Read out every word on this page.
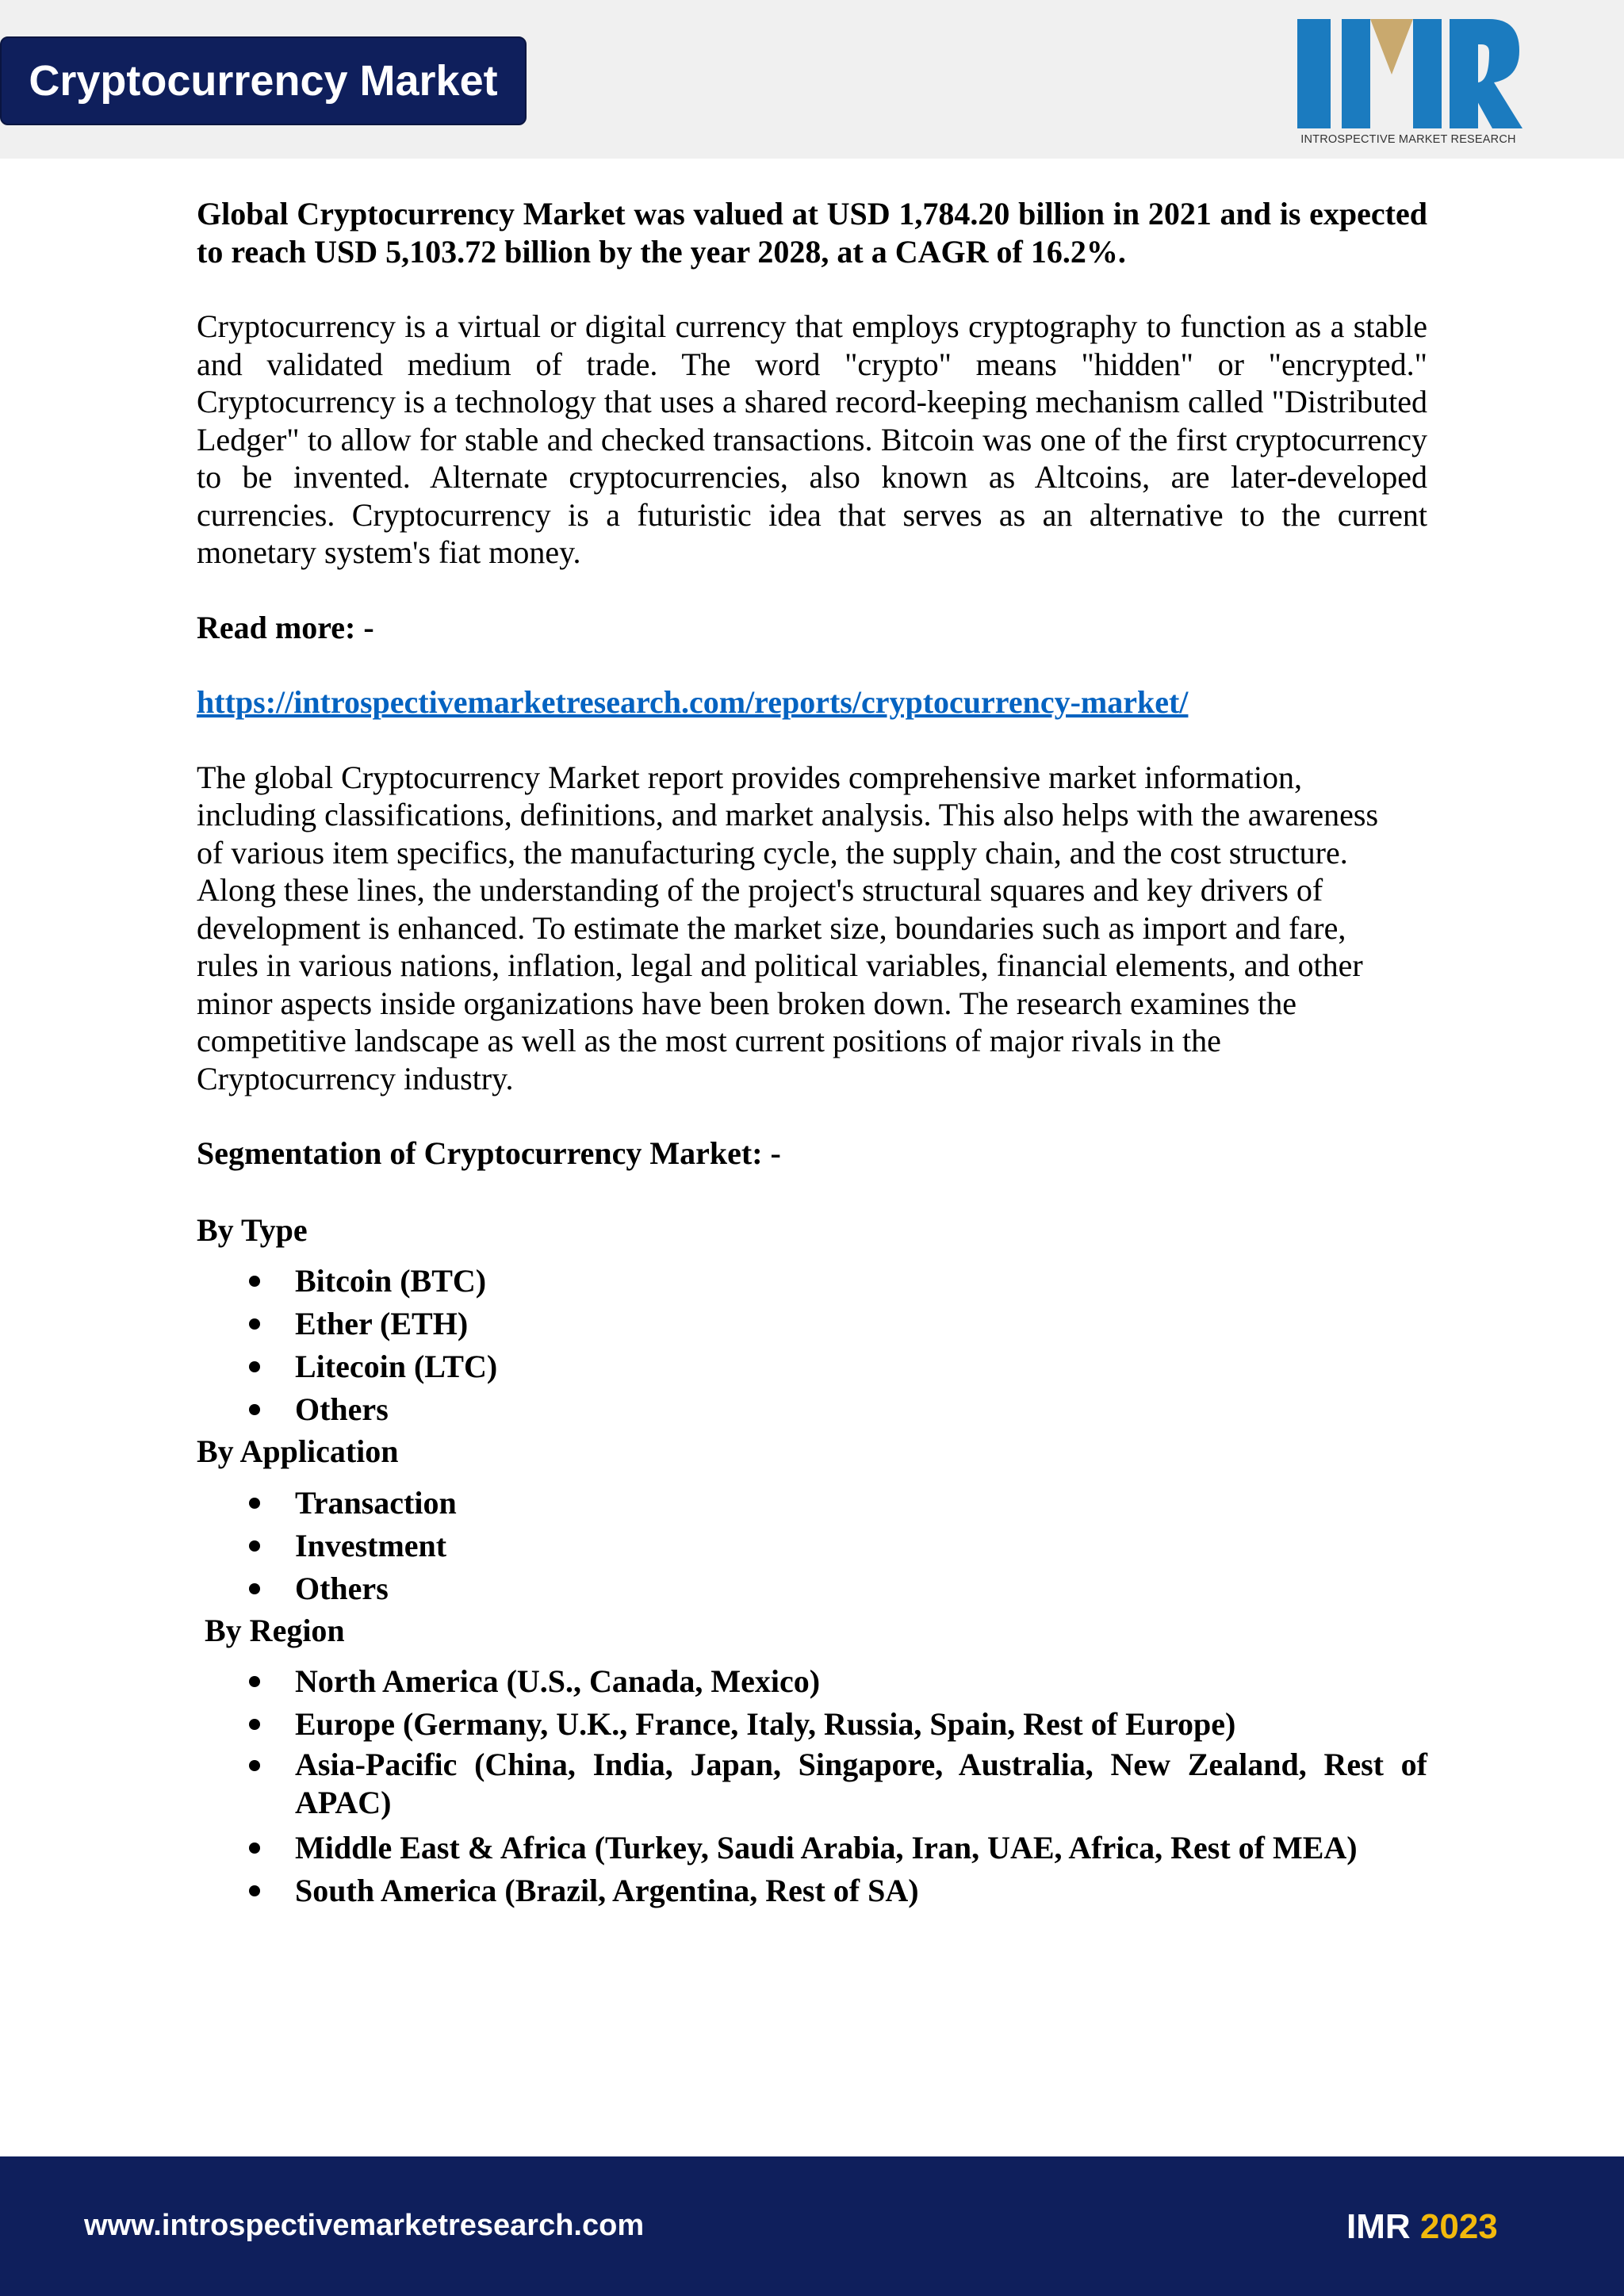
Cryptocurrency Market
INTROSPECTIVE MARKET RESEARCH

Global Cryptocurrency Market was valued at USD 1,784.20 billion in 2021 and is expected to reach USD 5,103.72 billion by the year 2028, at a CAGR of 16.2%.

Cryptocurrency is a virtual or digital currency that employs cryptography to function as a stable and validated medium of trade. The word "crypto" means "hidden" or "encrypted." Cryptocurrency is a technology that uses a shared record-keeping mechanism called "Distributed Ledger" to allow for stable and checked transactions. Bitcoin was one of the first cryptocurrency to be invented. Alternate cryptocurrencies, also known as Altcoins, are later-developed currencies. Cryptocurrency is a futuristic idea that serves as an alternative to the current monetary system's fiat money.

Read more: -

https://introspectivemarketresearch.com/reports/cryptocurrency-market/
The global Cryptocurrency Market report provides comprehensive market information,
including classifications, definitions, and market analysis. This also helps with the awareness
of various item specifics, the manufacturing cycle, the supply chain, and the cost structure.
Along these lines, the understanding of the project's structural squares and key drivers of
development is enhanced. To estimate the market size, boundaries such as import and fare,
rules in various nations, inflation, legal and political variables, financial elements, and other
minor aspects inside organizations have been broken down. The research examines the
competitive landscape as well as the most current positions of major rivals in the
Cryptocurrency industry.

Segmentation of Cryptocurrency Market: -

By Type

Bitcoin (BTC)
Ether (ETH)
Litecoin (LTC)
Others

By Application

Transaction
Investment
Others

By Region

North America (U.S., Canada, Mexico)
Europe (Germany, U.K., France, Italy, Russia, Spain, Rest of Europe)
Asia-Pacific (China, India, Japan, Singapore, Australia, New Zealand, Rest of APAC)
Middle East & Africa (Turkey, Saudi Arabia, Iran, UAE, Africa, Rest of MEA)
South America (Brazil, Argentina, Rest of SA)
www.introspectivemarketresearch.com	IMR 2023
